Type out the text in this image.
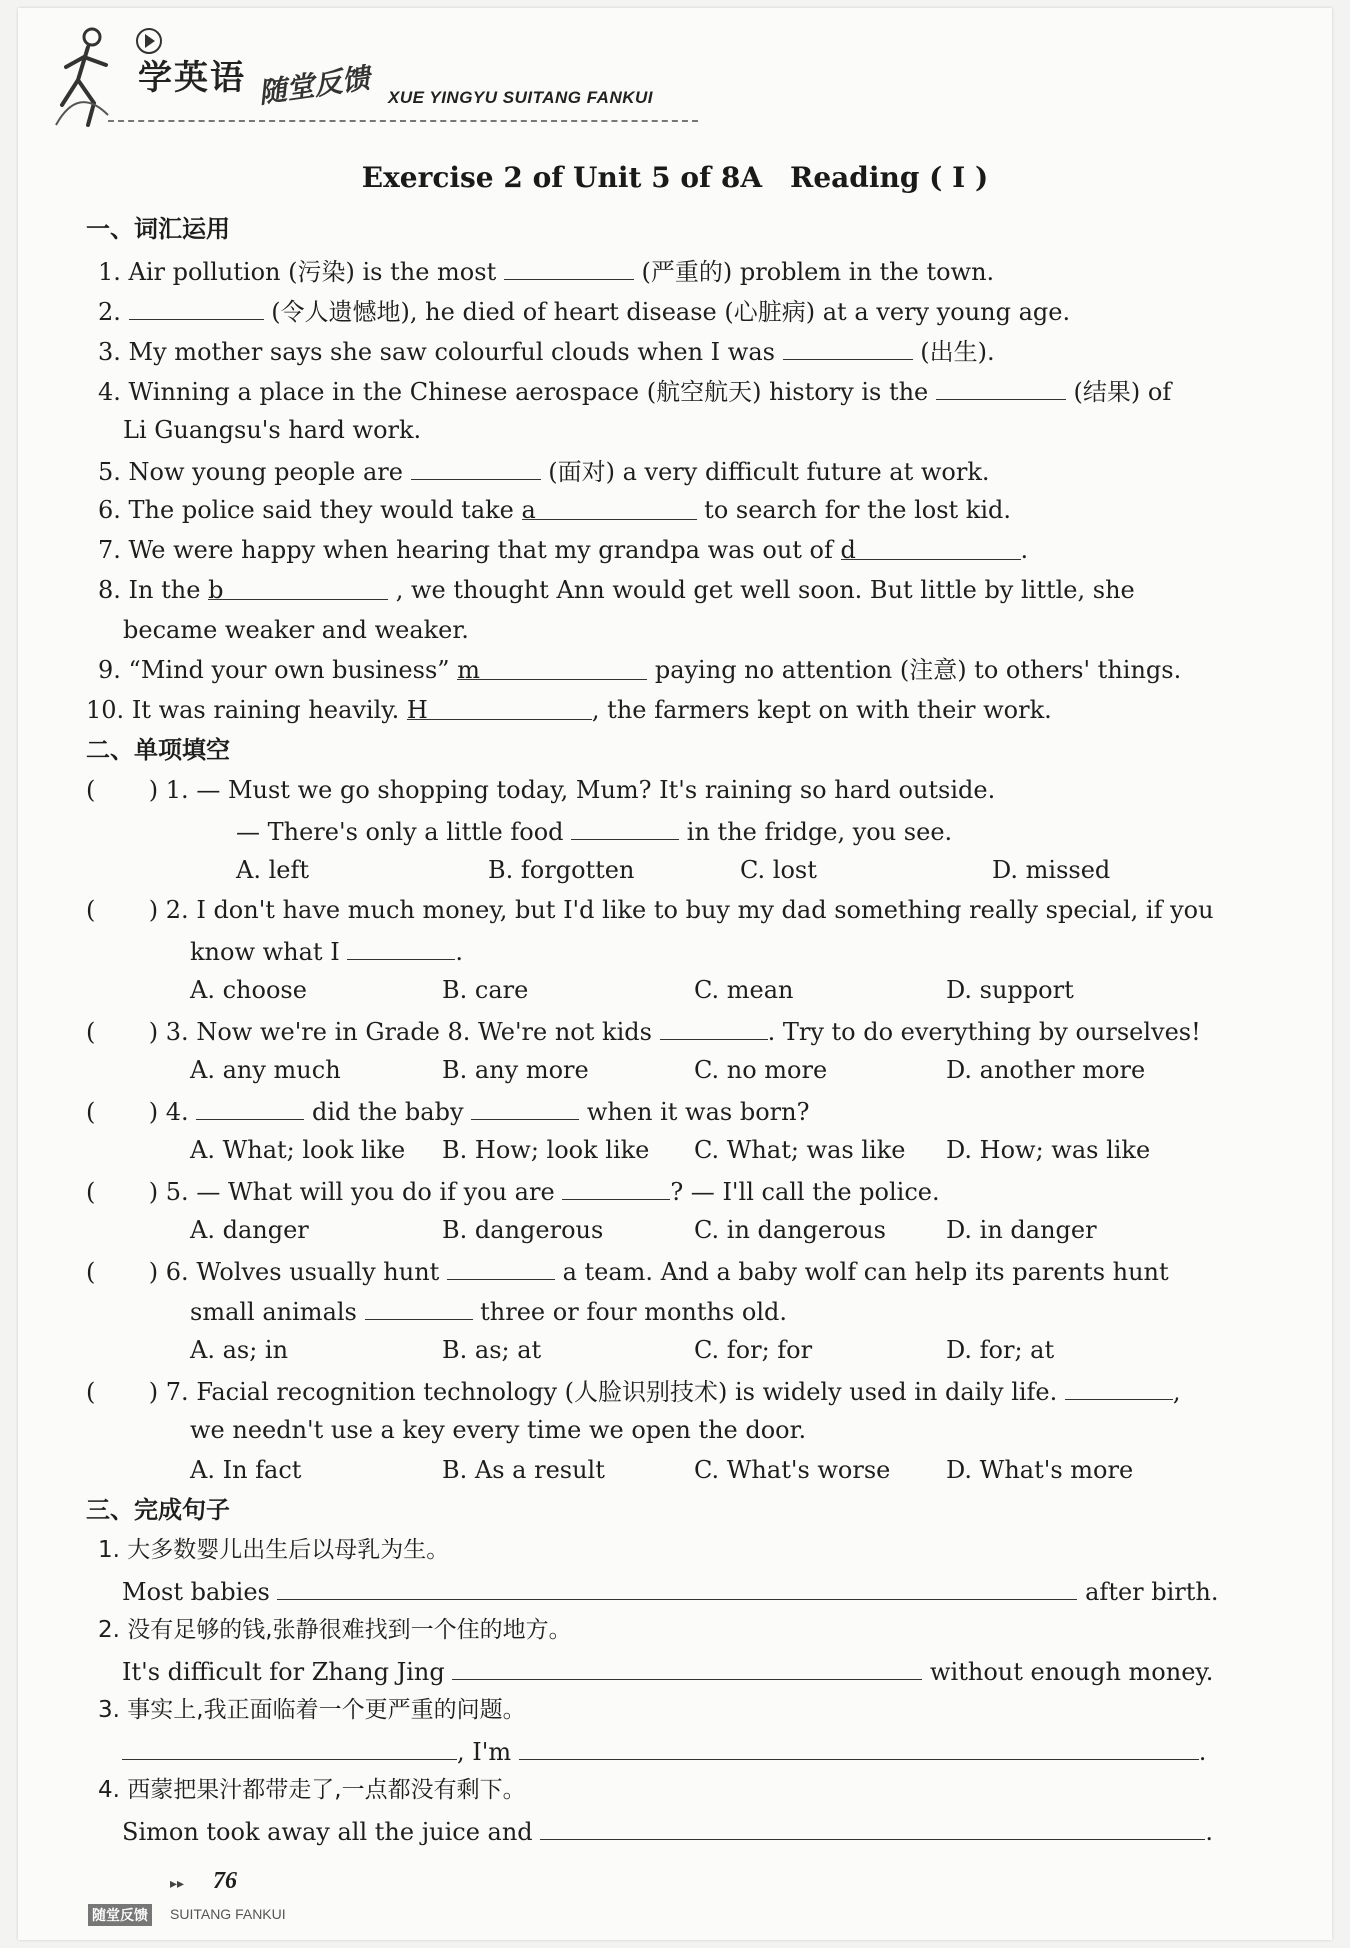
学英语 随堂反馈 XUE YINGYU SUITANG FANKUI
Exercise 2 of Unit 5 of 8A　Reading ( Ⅰ )
一、词汇运用
1. Air pollution (污染) is the most	(严重的) problem in the town.
2.	(令人遗憾地), he died of heart disease (心脏病) at a very young age.
3. My mother says she saw colourful clouds when I was	(出生).
4. Winning a place in the Chinese aerospace (航空航天) history is the	(结果) of
Li Guangsu's hard work.
5. Now young people are	(面对) a very difficult future at work.
6. The police said they would take a	to search for the lost kid.
7. We were happy when hearing that my grandpa was out of d	.
8. In the b	, we thought Ann would get well soon. But little by little, she
became weaker and weaker.
9. “Mind your own business” m	paying no attention (注意) to others' things.
10. It was raining heavily. H	, the farmers kept on with their work.
二、单项填空
(       ) 1. — Must we go shopping today, Mum? It's raining so hard outside.
— There's only a little food	in the fridge, you see.
A. left	B. forgotten	C. lost	D. missed
(       ) 2. I don't have much money, but I'd like to buy my dad something really special, if you
know what I	.
A. choose	B. care	C. mean	D. support
(       ) 3. Now we're in Grade 8. We're not kids	. Try to do everything by ourselves!
A. any much	B. any more	C. no more	D. another more
(       ) 4.	did the baby	when it was born?
A. What; look like B. How; look like C. What; was like D. How; was like
(       ) 5. — What will you do if you are	? — I'll call the police.
A. danger	B. dangerous	C. in dangerous	D. in danger
(       ) 6. Wolves usually hunt	a team. And a baby wolf can help its parents hunt
small animals	three or four months old.
A. as; in	B. as; at	C. for; for	D. for; at
(       ) 7. Facial recognition technology (人脸识别技术) is widely used in daily life.	,
we needn't use a key every time we open the door.
A. In fact	B. As a result	C. What's worse D. What's more
三、完成句子
1. 大多数婴儿出生后以母乳为生。
Most babies	after birth.
2. 没有足够的钱,张静很难找到一个住的地方。
It's difficult for Zhang Jing	without enough money.
3. 事实上,我正面临着一个更严重的问题。
, I'm	.
4. 西蒙把果汁都带走了,一点都没有剩下。
Simon took away all the juice and	.
▸▸ 76
随堂反馈 SUITANG FANKUI
